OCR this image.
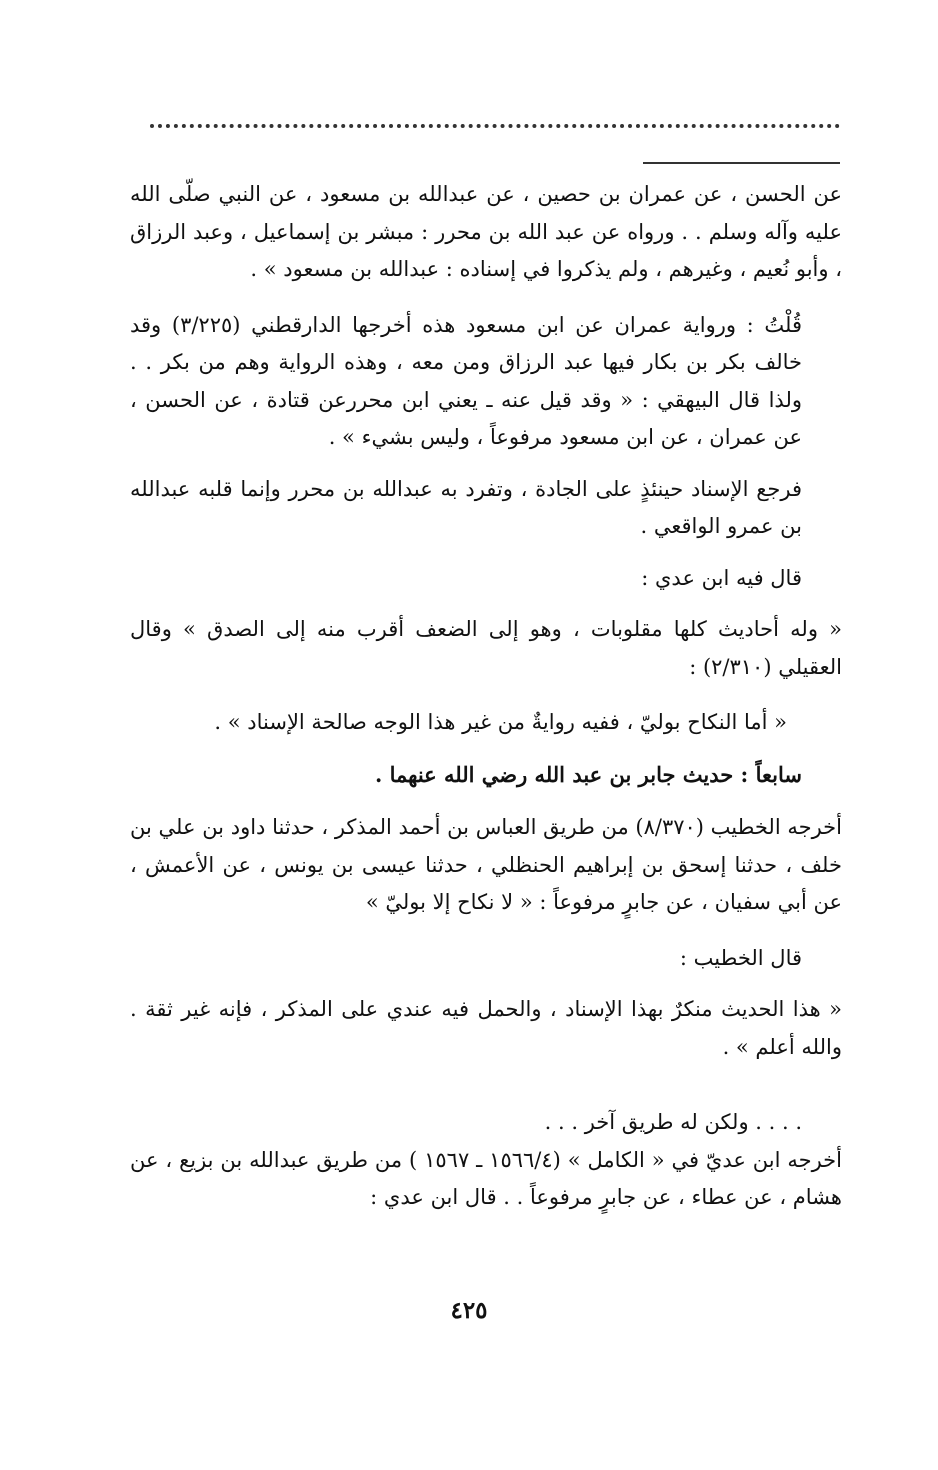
عن الحسن ، عن عمران بن حصين ، عن عبدالله بن مسعود ، عن النبي صلّى الله عليه وآله وسلم . . ورواه عن عبد الله بن محرر : مبشر بن إسماعيل ، وعبد الرزاق ، وأبو نُعيم ، وغيرهم ، ولم يذكروا في إسناده : عبدالله بن مسعود » .

قُلْتُ : ورواية عمران عن ابن مسعود هذه أخرجها الدارقطني (٣/٢٢٥) وقد خالف بكر بن بكار فيها عبد الرزاق ومن معه ، وهذه الرواية وهم من بكر . . ولذا قال البيهقي : « وقد قيل عنه ـ يعني ابن محررعن قتادة ، عن الحسن ، عن عمران ، عن ابن مسعود مرفوعاً ، وليس بشيء » .

فرجع الإسناد حينئذٍ على الجادة ، وتفرد به عبدالله بن محرر وإنما قلبه عبدالله بن عمرو الواقعي .

قال فيه ابن عدي :

« وله أحاديث كلها مقلوبات ، وهو إلى الضعف أقرب منه إلى الصدق » وقال العقيلي (٢/٣١٠) :

« أما النكاح بوليّ ، ففيه روايةٌ من غير هذا الوجه صالحة الإسناد » .

سابعاً : حديث جابر بن عبد الله رضي الله عنهما .

أخرجه الخطيب (٨/٣٧٠) من طريق العباس بن أحمد المذكر ، حدثنا داود بن علي بن خلف ، حدثنا إسحق بن إبراهيم الحنظلي ، حدثنا عيسى بن يونس ، عن الأعمش ، عن أبي سفيان ، عن جابرٍ مرفوعاً : « لا نكاح إلا بوليّ »

قال الخطيب :

« هذا الحديث منكرٌ بهذا الإسناد ، والحمل فيه عندي على المذكر ، فإنه غير ثقة . والله أعلم » .

. . . . ولكن له طريق آخر . . .

أخرجه ابن عديّ في « الكامل » (١٥٦٦/٤ ـ ١٥٦٧ ) من طريق عبدالله بن بزيع ، عن هشام ، عن عطاء ، عن جابرٍ مرفوعاً . . قال ابن عدي :

٤٢٥
